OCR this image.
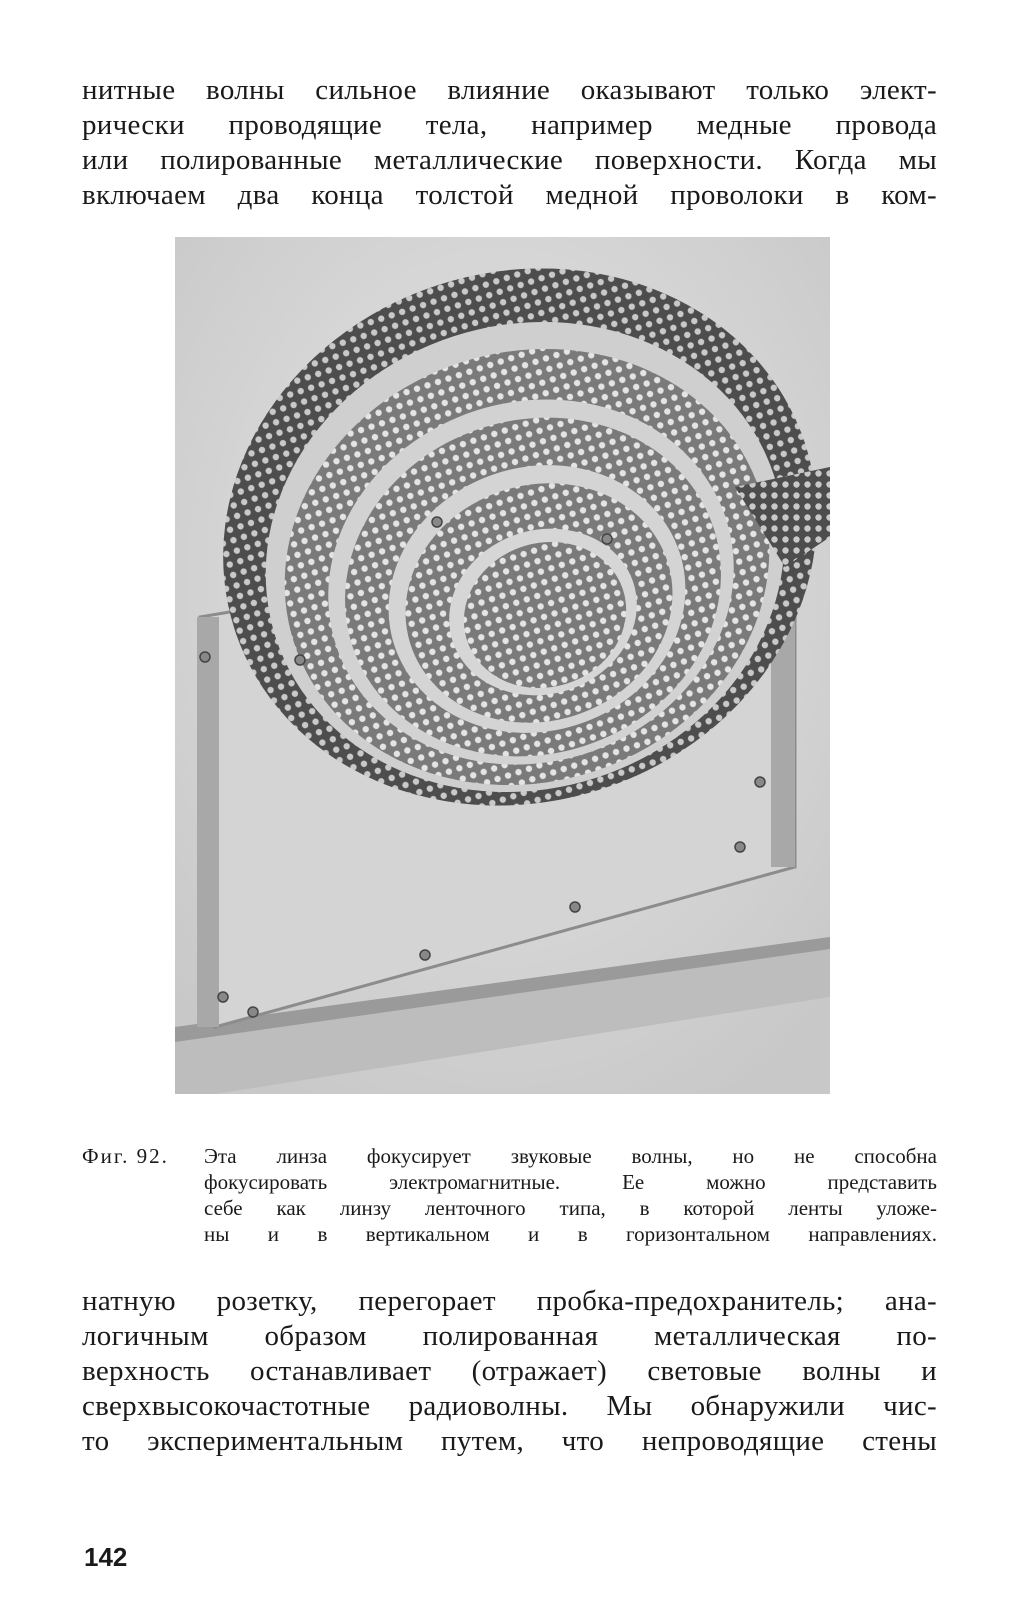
нитные волны сильное влияние оказывают только элект-
рически проводящие тела, например медные провода
или полированные металлические поверхности. Когда мы
включаем два конца толстой медной проволоки в ком-
Фиг. 92.	Эта линза фокусирует звуковые волны, но не способна
фокусировать электромагнитные. Ее можно представить
себе как линзу ленточного типа, в которой ленты уложе-
ны и в вертикальном и в горизонтальном направлениях.
натную розетку, перегорает пробка-предохранитель; ана-
логичным образом полированная металлическая по-
верхность останавливает (отражает) световые волны и
сверхвысокочастотные радиоволны. Мы обнаружили чис-
то экспериментальным путем, что непроводящие стены
142
